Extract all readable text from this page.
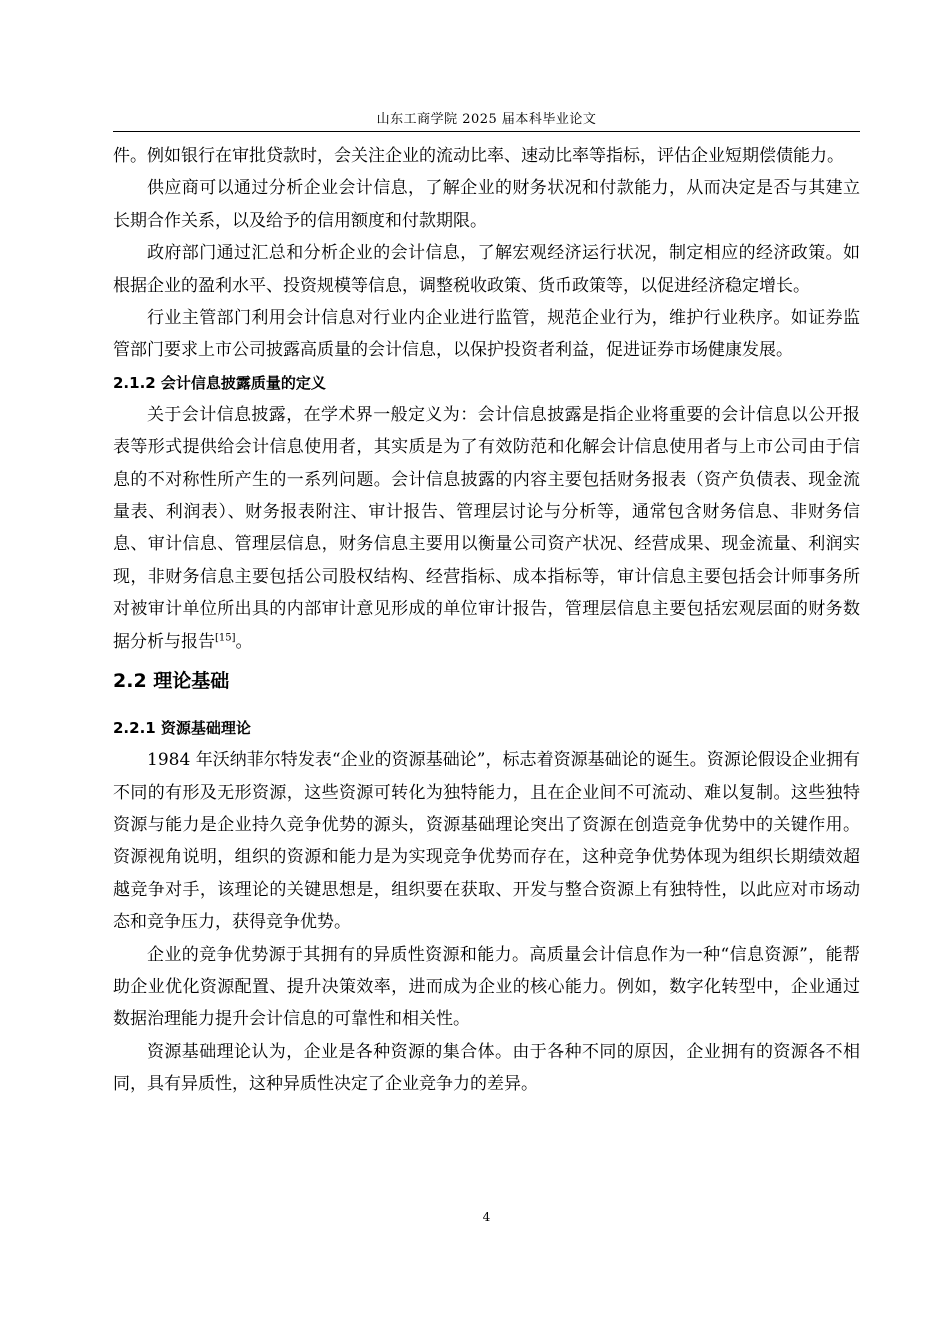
山东工商学院 2025 届本科毕业论文

件。例如银行在审批贷款时，会关注企业的流动比率、速动比率等指标，评估企业短期偿债能力。

供应商可以通过分析企业会计信息，了解企业的财务状况和付款能力，从而决定是否与其建立长期合作关系，以及给予的信用额度和付款期限。

政府部门通过汇总和分析企业的会计信息，了解宏观经济运行状况，制定相应的经济政策。如根据企业的盈利水平、投资规模等信息，调整税收政策、货币政策等，以促进经济稳定增长。

行业主管部门利用会计信息对行业内企业进行监管，规范企业行为，维护行业秩序。如证券监管部门要求上市公司披露高质量的会计信息，以保护投资者利益，促进证券市场健康发展。

2.1.2 会计信息披露质量的定义

关于会计信息披露，在学术界一般定义为：会计信息披露是指企业将重要的会计信息以公开报表等形式提供给会计信息使用者，其实质是为了有效防范和化解会计信息使用者与上市公司由于信息的不对称性所产生的一系列问题。会计信息披露的内容主要包括财务报表（资产负债表、现金流量表、利润表）、财务报表附注、审计报告、管理层讨论与分析等，通常包含财务信息、非财务信息、审计信息、管理层信息，财务信息主要用以衡量公司资产状况、经营成果、现金流量、利润实现，非财务信息主要包括公司股权结构、经营指标、成本指标等，审计信息主要包括会计师事务所对被审计单位所出具的内部审计意见形成的单位审计报告，管理层信息主要包括宏观层面的财务数据分析与报告[15]。

2.2 理论基础
2.2.1 资源基础理论

1984 年沃纳菲尔特发表“企业的资源基础论”，标志着资源基础论的诞生。资源论假设企业拥有不同的有形及无形资源，这些资源可转化为独特能力，且在企业间不可流动、难以复制。这些独特资源与能力是企业持久竞争优势的源头，资源基础理论突出了资源在创造竞争优势中的关键作用。资源视角说明，组织的资源和能力是为实现竞争优势而存在，这种竞争优势体现为组织长期绩效超越竞争对手，该理论的关键思想是，组织要在获取、开发与整合资源上有独特性，以此应对市场动态和竞争压力，获得竞争优势。

企业的竞争优势源于其拥有的异质性资源和能力。高质量会计信息作为一种“信息资源”，能帮助企业优化资源配置、提升决策效率，进而成为企业的核心能力。例如，数字化转型中，企业通过数据治理能力提升会计信息的可靠性和相关性。

资源基础理论认为，企业是各种资源的集合体。由于各种不同的原因，企业拥有的资源各不相同，具有异质性，这种异质性决定了企业竞争力的差异。

4
